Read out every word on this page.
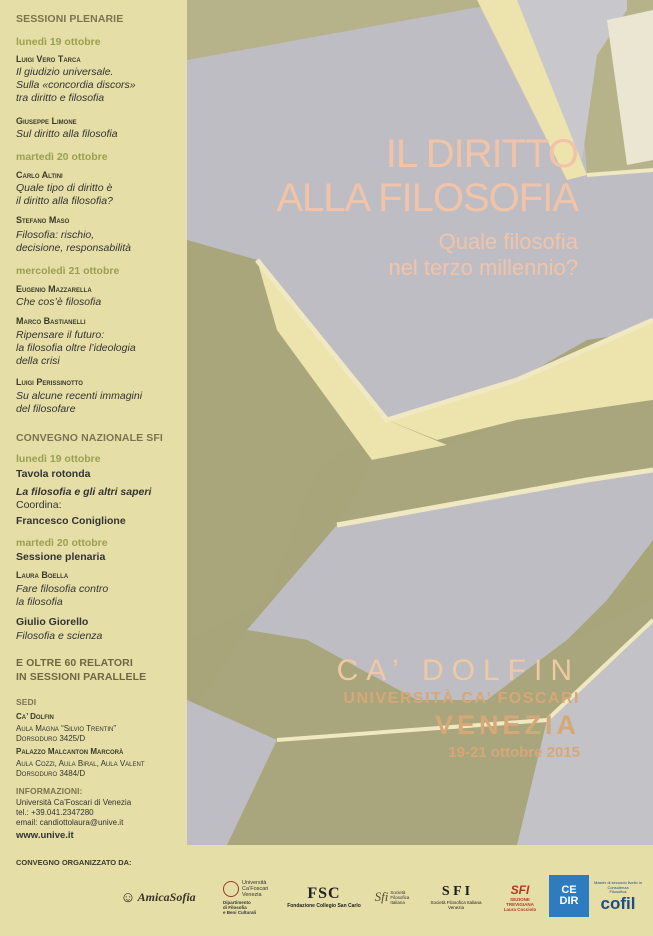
SESSIONI PLENARIE
lunedì 19 ottobre
Luigi Vero Tarca
Il giudizio universale.
Sulla «concordia discors»
tra diritto e filosofia
Giuseppe Limone
Sul diritto alla filosofia
martedì 20 ottobre
Carlo Altini
Quale tipo di diritto è
il diritto alla filosofia?
Stefano Maso
Filosofia: rischio,
decisione, responsabilità
mercoledì 21 ottobre
Eugenio Mazzarella
Che cos’è filosofia
Marco Bastianelli
Ripensare il futuro:
la filosofia oltre l’ideologia
della crisi
Luigi Perissinotto
Su alcune recenti immagini
del filosofare
CONVEGNO NAZIONALE SFI
lunedì 19 ottobre
Tavola rotonda
La filosofia e gli altri saperi
Coordina:
Francesco Coniglione
martedì 20 ottobre
Sessione plenaria
Laura Boella
Fare filosofia contro
la filosofia
Giulio Giorello
Filosofia e scienza
E OLTRE 60 RELATORI
IN SESSIONI PARALLELE
SEDI
Ca’ Dolfin
Aula Magna “Silvio Trentin”
Dorsoduro 3425/D
Palazzo Malcanton Marcorà
Aula Cozzi, Aula Biral, Aula Valent
Dorsoduro 3484/D
INFORMAZIONI:
Università Ca’Foscari di Venezia
tel.: +39.041.2347280
email: candiottolaura@unive.it
www.unive.it
IL DIRITTO
ALLA FILOSOFIA
Quale filosofia
nel terzo millennio?
CA’ DOLFIN
UNIVERSITÀ CA’ FOSCARI
VENEZIA
19-21 ottobre 2015
CONVEGNO ORGANIZZATO DA:
☺ AmicaSofia
Università
Ca’Foscari
Venezia
Dipartimento
di Filosofia
e Beni Culturali
FSC
Fondazione Collegio San Carlo
Sfi Società
Filosofica
Italiana
S F I
Società Filosofica Italiana
Venezia
SFI
SEZIONE
TREVIGIANA
Laura Cocciolo
CE
DIR
Master di secondo livello in
Consulenza
Filosofica
cofil
